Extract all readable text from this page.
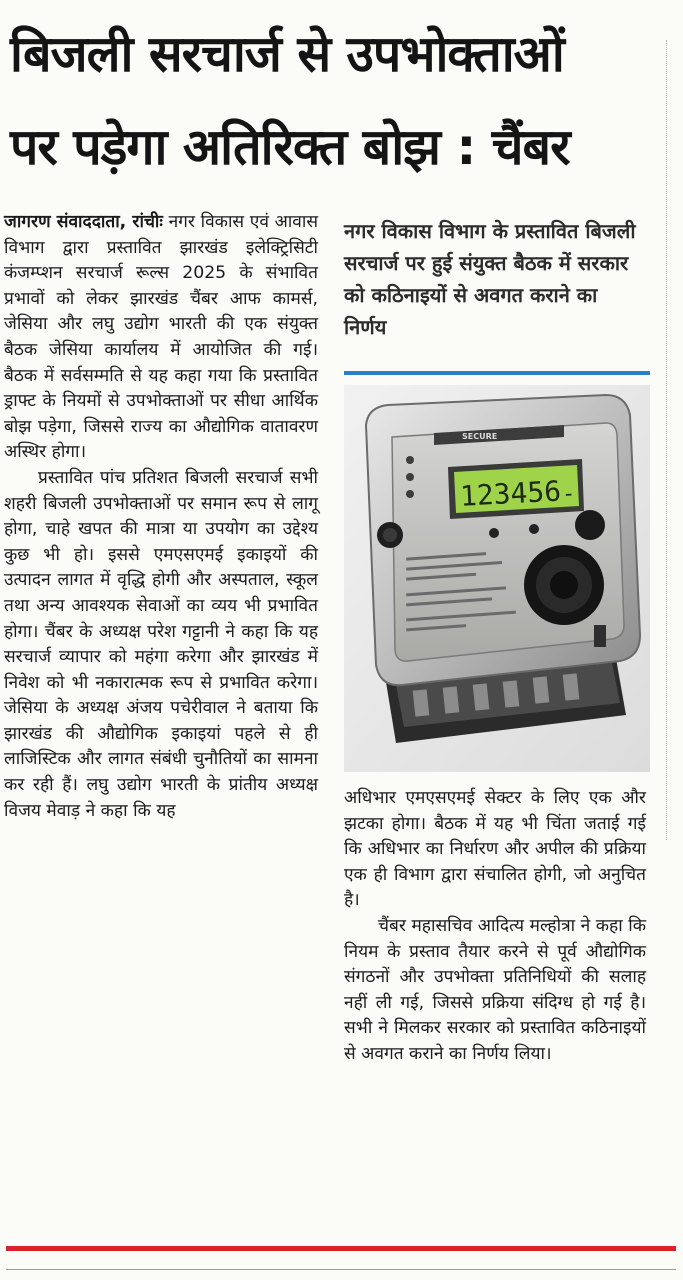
बिजली सरचार्ज से उपभोक्ताओं
पर पड़ेगा अतिरिक्त बोझ : चैंबर

जागरण संवाददाता, रांचीः नगर विकास एवं आवास विभाग द्वारा प्रस्तावित झारखंड इलेक्ट्रिसिटी कंजम्प्शन सरचार्ज रूल्स 2025 के संभावित प्रभावों को लेकर झारखंड चैंबर आफ कामर्स, जेसिया और लघु उद्योग भारती की एक संयुक्त बैठक जेसिया कार्यालय में आयोजित की गई। बैठक में सर्वसम्मति से यह कहा गया कि प्रस्तावित ड्राफ्ट के नियमों से उपभोक्ताओं पर सीधा आर्थिक बोझ पड़ेगा, जिससे राज्य का औद्योगिक वातावरण अस्थिर होगा।

प्रस्तावित पांच प्रतिशत बिजली सरचार्ज सभी शहरी बिजली उपभोक्ताओं पर समान रूप से लागू होगा, चाहे खपत की मात्रा या उपयोग का उद्देश्य कुछ भी हो। इससे एमएसएमई इकाइयों की उत्पादन लागत में वृद्धि होगी और अस्पताल, स्कूल तथा अन्य आवश्यक सेवाओं का व्यय भी प्रभावित होगा। चैंबर के अध्यक्ष परेश गट्टानी ने कहा कि यह सरचार्ज व्यापार को महंगा करेगा और झारखंड में निवेश को भी नकारात्मक रूप से प्रभावित करेगा। जेसिया के अध्यक्ष अंजय पचेरीवाल ने बताया कि झारखंड की औद्योगिक इकाइयां पहले से ही लाजिस्टिक और लागत संबंधी चुनौतियों का सामना कर रही हैं। लघु उद्योग भारती के प्रांतीय अध्यक्ष विजय मेवाड़ ने कहा कि यह

नगर विकास विभाग के प्रस्तावित बिजली सरचार्ज पर हुई संयुक्त बैठक में सरकार को कठिनाइयों से अवगत कराने का निर्णय
SECURE
123456 -

अधिभार एमएसएमई सेक्टर के लिए एक और झटका होगा। बैठक में यह भी चिंता जताई गई कि अधिभार का निर्धारण और अपील की प्रक्रिया एक ही विभाग द्वारा संचालित होगी, जो अनुचित है।

चैंबर महासचिव आदित्य मल्होत्रा ने कहा कि नियम के प्रस्ताव तैयार करने से पूर्व औद्योगिक संगठनों और उपभोक्ता प्रतिनिधियों की सलाह नहीं ली गई, जिससे प्रक्रिया संदिग्ध हो गई है। सभी ने मिलकर सरकार को प्रस्तावित कठिनाइयों से अवगत कराने का निर्णय लिया।
